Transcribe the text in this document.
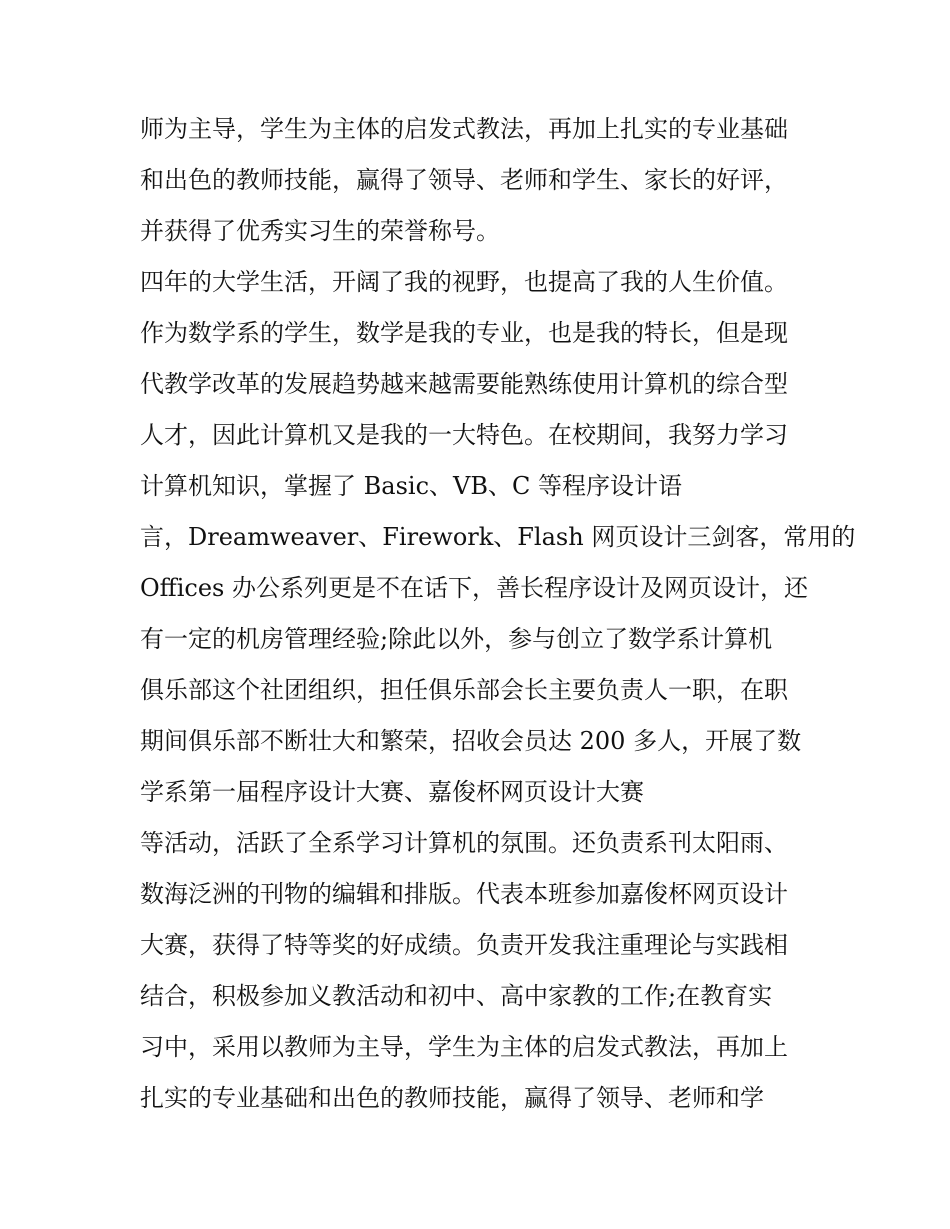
师为主导，学生为主体的启发式教法，再加上扎实的专业基础
和出色的教师技能，赢得了领导、老师和学生、家长的好评，
并获得了优秀实习生的荣誉称号。
四年的大学生活，开阔了我的视野，也提高了我的人生价值。
作为数学系的学生，数学是我的专业，也是我的特长，但是现
代教学改革的发展趋势越来越需要能熟练使用计算机的综合型
人才，因此计算机又是我的一大特色。在校期间，我努力学习
计算机知识，掌握了 Basic、VB、C 等程序设计语
言，Dreamweaver、Firework、Flash 网页设计三剑客，常用的
Offices 办公系列更是不在话下，善长程序设计及网页设计，还
有一定的机房管理经验;除此以外，参与创立了数学系计算机
俱乐部这个社团组织，担任俱乐部会长主要负责人一职，在职
期间俱乐部不断壮大和繁荣，招收会员达 200 多人，开展了数
学系第一届程序设计大赛、嘉俊杯网页设计大赛
等活动，活跃了全系学习计算机的氛围。还负责系刊太阳雨、
数海泛洲的刊物的编辑和排版。代表本班参加嘉俊杯网页设计
大赛，获得了特等奖的好成绩。负责开发我注重理论与实践相
结合，积极参加义教活动和初中、高中家教的工作;在教育实
习中，采用以教师为主导，学生为主体的启发式教法，再加上
扎实的专业基础和出色的教师技能，赢得了领导、老师和学
